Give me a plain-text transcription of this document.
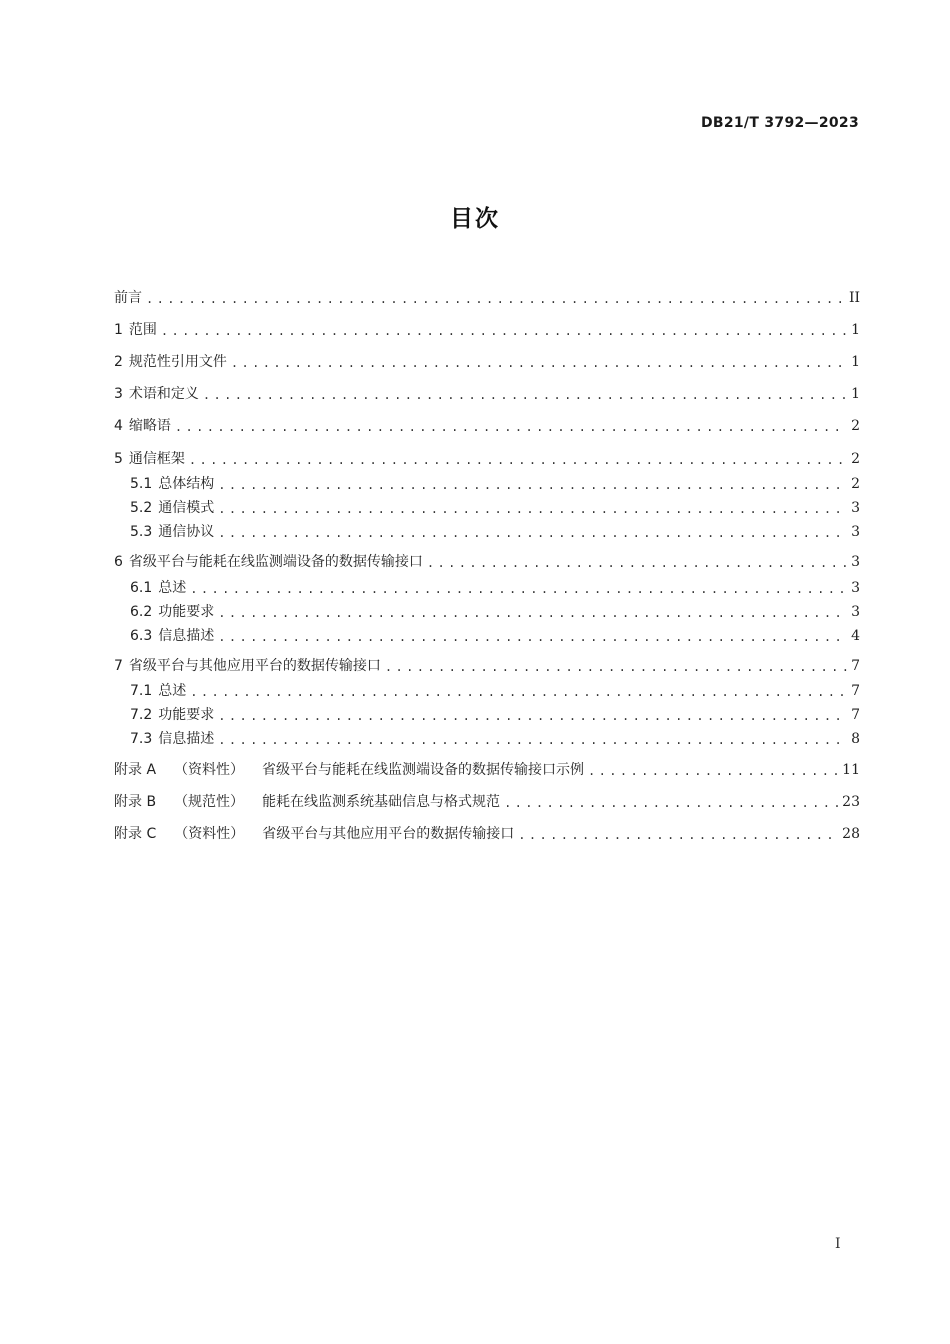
DB21/T 3792—2023
目次
前言 .....	II
1 范围 .....	1
2 规范性引用文件 .....	1
3 术语和定义 .....	1
4 缩略语 .....	2
5 通信框架 .....	2
5.1 总体结构 .....	2
5.2 通信模式 .....	3
5.3 通信协议 .....	3
6 省级平台与能耗在线监测端设备的数据传输接口 .....	3
6.1 总述 .....	3
6.2 功能要求 .....	3
6.3 信息描述 .....	4
7 省级平台与其他应用平台的数据传输接口 .....	7
7.1 总述 .....	7
7.2 功能要求 .....	7
7.3 信息描述 .....	8
附录 A （资料性） 省级平台与能耗在线监测端设备的数据传输接口示例 .....	11
附录 B （规范性） 能耗在线监测系统基础信息与格式规范 .....	23
附录 C （资料性） 省级平台与其他应用平台的数据传输接口 .....	28
I
